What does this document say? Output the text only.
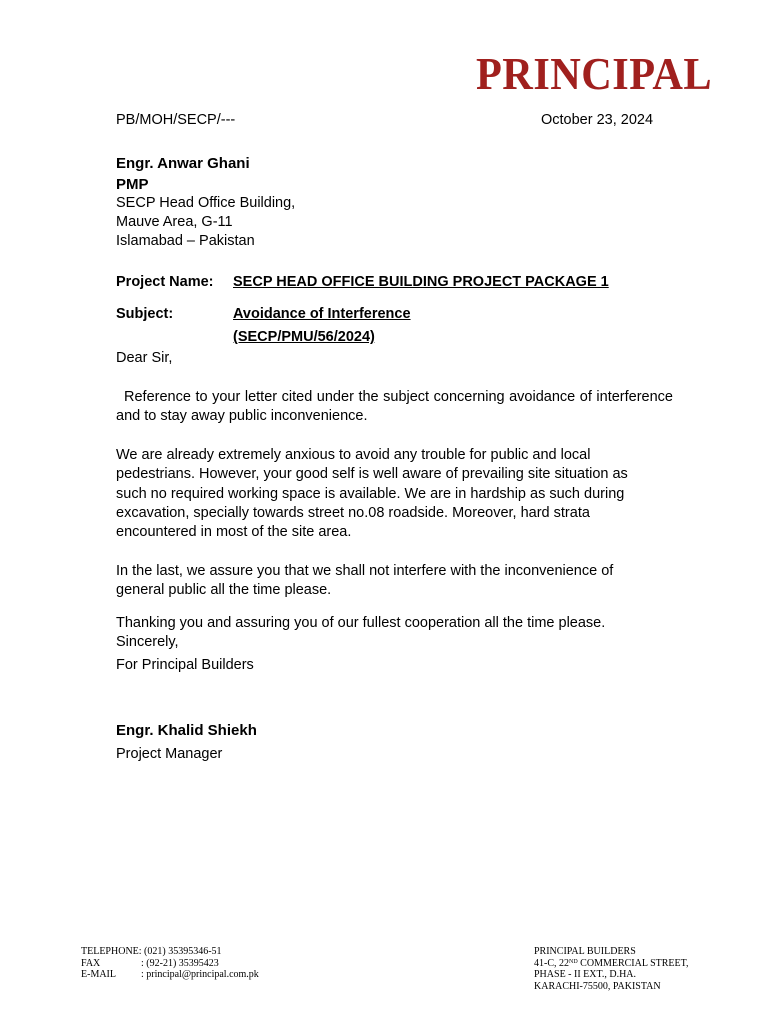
PRINCIPAL
PB/MOH/SECP/---	October 23, 2024
Engr. Anwar Ghani
PMP
SECP Head Office Building,
Mauve Area, G-11
Islamabad – Pakistan
Project Name: SECP HEAD OFFICE BUILDING PROJECT PACKAGE 1
Subject:	Avoidance of Interference
(SECP/PMU/56/2024)
Dear Sir,
Reference to your letter cited under the subject concerning avoidance of interference and to stay away public inconvenience.
We are already extremely anxious to avoid any trouble for public and local
pedestrians. However, your good self is well aware of prevailing site situation as
such no required working space is available. We are in hardship as such during
excavation, specially towards street no.08 roadside. Moreover, hard strata
encountered in most of the site area.
In the last, we assure you that we shall not interfere with the inconvenience of
general public all the time please.
Thanking you and assuring you of our fullest cooperation all the time please.
Sincerely,
For Principal Builders
Engr. Khalid Shiekh
Project Manager
TELEPHONE: (021) 35395346-51
FAX	: (92-21) 35395423
E-MAIL	: principal@principal.com.pk
PRINCIPAL BUILDERS
41-C, 22ND COMMERCIAL STREET,
PHASE - II EXT., D.HA.
KARACHI-75500, PAKISTAN
